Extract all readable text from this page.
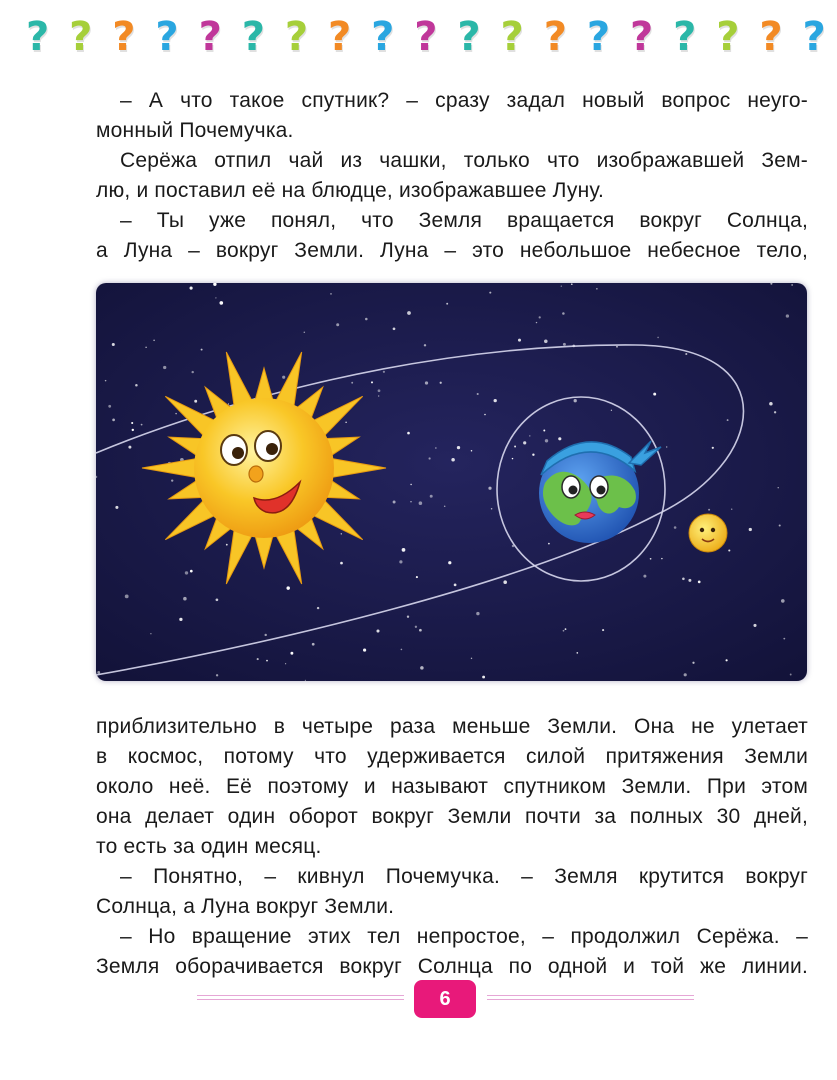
? ? ? ? ? ? ? ? ? ? ? ? ? ? ? ? ? ? ?
– А что такое спутник? – сразу задал новый вопрос неуго-
монный Почемучка.
Серёжа отпил чай из чашки, только что изображавшей Зем-
лю, и поставил её на блюдце, изображавшее Луну.
– Ты уже понял, что Земля вращается вокруг Солнца,
а Луна – вокруг Земли. Луна – это небольшое небесное тело,
приблизительно в четыре раза меньше Земли. Она не улетает
в космос, потому что удерживается силой притяжения Земли
около неё. Её поэтому и называют спутником Земли. При этом
она делает один оборот вокруг Земли почти за полных 30 дней,
то есть за один месяц.
– Понятно, – кивнул Почемучка. – Земля крутится вокруг
Солнца, а Луна вокруг Земли.
– Но вращение этих тел непростое, – продолжил Серёжа. –
Земля оборачивается вокруг Солнца по одной и той же линии.
6
